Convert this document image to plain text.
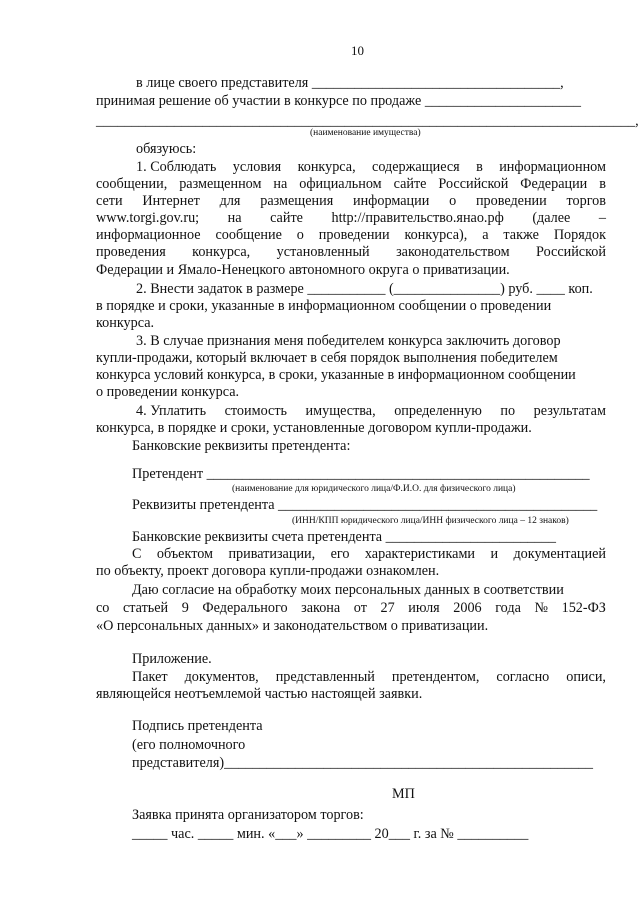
10
в лице своего представителя ___________________________________,
принимая решение об участии в конкурсе по продаже ______________________
____________________________________________________________________________,
(наименование имущества)
обязуюсь:
1. Соблюдать условия конкурса, содержащиеся в информационном
сообщении, размещенном на официальном сайте Российской Федерации в
сети Интернет для размещения информации о проведении торгов
www.torgi.gov.ru; на сайте http://правительство.янао.рф (далее –
информационное сообщение о проведении конкурса), а также Порядок
проведения конкурса, установленный законодательством Российской
Федерации и Ямало-Ненецкого автономного округа о приватизации.
2. Внести задаток в размере ___________ (_______________) руб. ____ коп.
в порядке и сроки, указанные в информационном сообщении о проведении
конкурса.
3. В случае признания меня победителем конкурса заключить договор
купли-продажи, который включает в себя порядок выполнения победителем
конкурса условий конкурса, в сроки, указанные в информационном сообщении
о проведении конкурса.
4. Уплатить стоимость имущества, определенную по результатам
конкурса, в порядке и сроки, установленные договором купли-продажи.
Банковские реквизиты претендента:
Претендент ______________________________________________________
(наименование для юридического лица/Ф.И.О. для физического лица)
Реквизиты претендента _____________________________________________
(ИНН/КПП юридического лица/ИНН физического лица – 12 знаков)
Банковские реквизиты счета претендента ________________________
С объектом приватизации, его характеристиками и документацией
по объекту, проект договора купли-продажи ознакомлен.
Даю согласие на обработку моих персональных данных в соответствии
со статьей 9 Федерального закона от 27 июля 2006 года № 152-ФЗ
«О персональных данных» и законодательством о приватизации.
Приложение.
Пакет документов, представленный претендентом, согласно описи,
являющейся неотъемлемой частью настоящей заявки.
Подпись претендента
(его полномочного
представителя)____________________________________________________
МП
Заявка принята организатором торгов:
_____ час. _____ мин. «___» _________ 20___ г. за № __________
